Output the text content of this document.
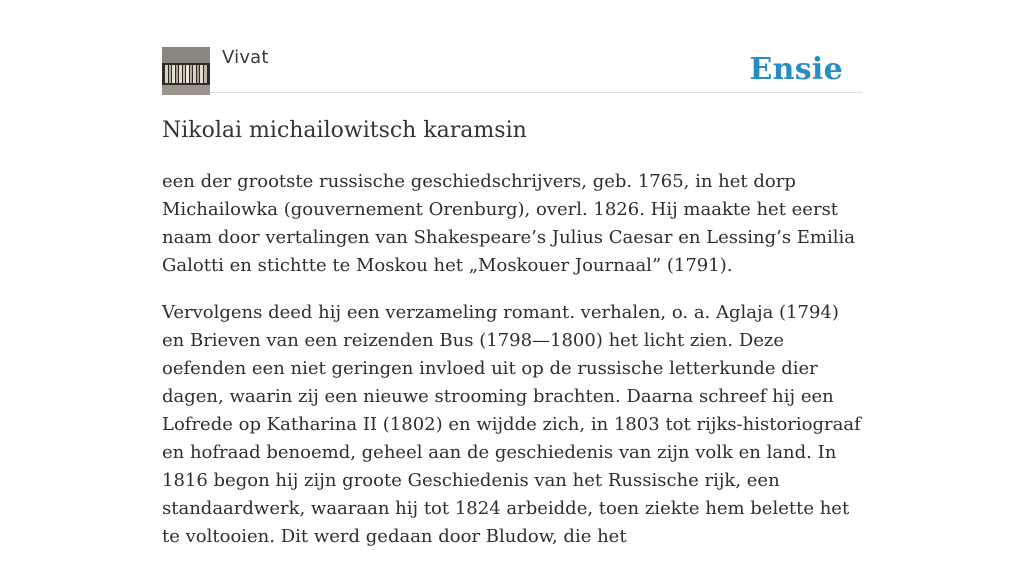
Vivat	Ensie
Nikolai michailowitsch karamsin

een der grootste russische geschiedschrijvers, geb. 1765, in het dorp Michailowka (gouvernement Orenburg), overl. 1826. Hij maakte het eerst naam door vertalingen van Shakespeare’s Julius Caesar en Lessing’s Emilia Galotti en stichtte te Moskou het „Moskouer Journaal” (1791).

Vervolgens deed hij een verzameling romant. verhalen, o. a. Aglaja (1794) en Brieven van een reizenden Bus (1798—1800) het licht zien. Deze oefenden een niet geringen invloed uit op de russische letterkunde dier dagen, waarin zij een nieuwe strooming brachten. Daarna schreef hij een Lofrede op Katharina II (1802) en wijdde zich, in 1803 tot rijks-historiograaf en hofraad benoemd, geheel aan de geschiedenis van zijn volk en land. In 1816 begon hij zijn groote Geschiedenis van het Russische rijk, een standaardwerk, waaraan hij tot 1824 arbeidde, toen ziekte hem belette het te voltooien. Dit werd gedaan door Bludow, die het
